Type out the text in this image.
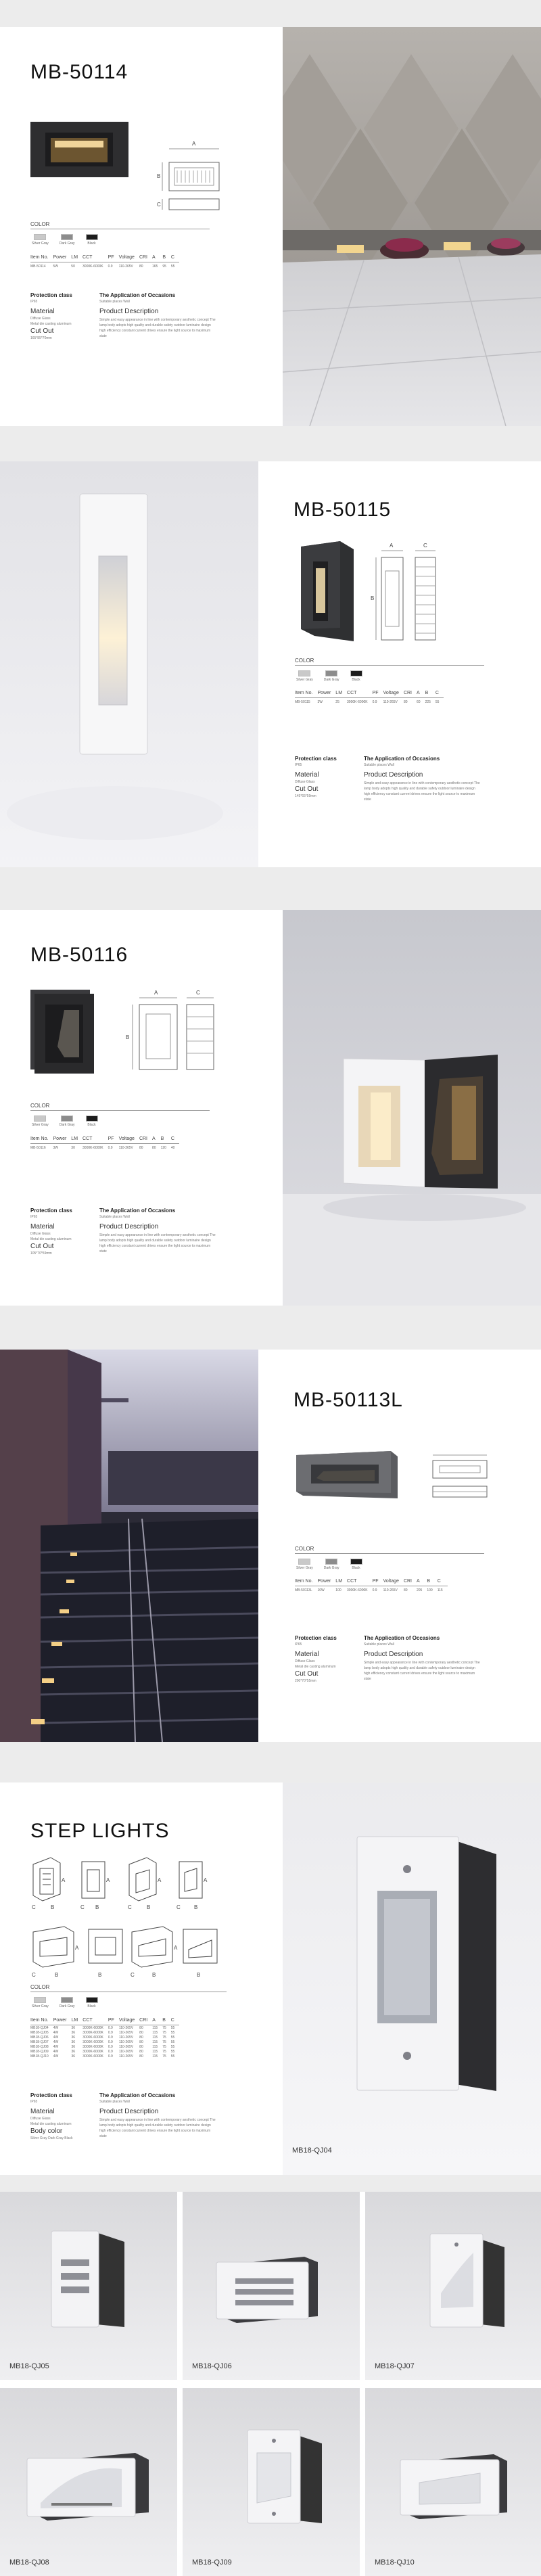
MB-50114
A
B
C
COLOR
Silver Gray	Dark Gray	Black
Item No.	Power	LM	CCT	PF	Voltage	CRI	A	B	C
MB-50114	5W	50	3000K-6000K	0.9	110-265V	80	165	95	55
Protection class
IP65
Material
Diffuse Glass
Metal die casting aluminum
Cut Out
165*85*70mm
The Application of Occasions
Suitable places Wall
Product Description
Simple and easy appearance in line with contemporary aesthetic concept The lamp body adopts high quality and durable safety outdoor luminaire design high efficiency constant current drives ensure the light source to maximum state
MB-50115
A
B
C
COLOR
Silver Gray	Dark Gray	Black
Item No.	Power	LM	CCT	PF	Voltage	CRI	A	B	C
MB-50115	3W	25	3000K-6000K	0.9	110-265V	80	60	225	55
Protection class
IP65
Material
Diffuse Glass
Cut Out
145*65*59mm
The Application of Occasions
Suitable places Wall
Product Description
Simple and easy appearance in line with contemporary aesthetic concept The lamp body adopts high quality and durable safety outdoor luminaire design high efficiency constant current drives ensure the light source to maximum state
MB-50116
A
B
C
COLOR
Silver Gray	Dark Gray	Black
Item No.	Power	LM	CCT	PF	Voltage	CRI	A	B	C
MB-50116	3W	30	3000K-6000K	0.9	110-265V	80	80	120	40
Protection class
IP65
Material
Diffuse Glass
Metal die casting aluminum
Cut Out
105*70*59mm
The Application of Occasions
Suitable places Wall
Product Description
Simple and easy appearance in line with contemporary aesthetic concept The lamp body adopts high quality and durable safety outdoor luminaire design high efficiency constant current drives ensure the light source to maximum state
MB-50113L
COLOR
Silver Gray	Dark Gray	Black
Item No.	Power	LM	CCT	PF	Voltage	CRI	A	B	C
MB-50113L	10W	100	3000K-6000K	0.9	110-265V	80	205	100	115
Protection class
IP65
Material
Diffuse Glass
Metal die casting aluminum
Cut Out
200*70*55mm
The Application of Occasions
Suitable places Wall
Product Description
Simple and easy appearance in line with contemporary aesthetic concept The lamp body adopts high quality and durable safety outdoor luminaire design high efficiency constant current drives ensure the light source to maximum state
STEP LIGHTS
A	A	A	A
C	B	C B	C	B	C	B
A	A
C	B	B	C	B	B
COLOR
Silver Gray	Dark Gray	Black
Item No.	Power	LM	CCT	PF	Voltage	CRI	A	B	C
MB18-QJ04	4W	36	3000K-6000K	0.9	110-265V	80	115	75	55
MB18-QJ05	4W	36	3000K-6000K	0.9	110-265V	80	115	75	55
MB18-QJ06	4W	36	3000K-6000K	0.9	110-265V	80	115	75	55
MB18-QJ07	4W	36	3000K-6000K	0.9	110-265V	80	115	75	55
MB18-QJ08	4W	36	3000K-6000K	0.9	110-265V	80	115	75	55
MB18-QJ09	4W	36	3000K-6000K	0.9	110-265V	80	115	75	55
MB18-QJ10	4W	36	3000K-6000K	0.9	110-265V	80	115	75	55
Protection class
IP65
Material
Diffuse Glass
Metal die casting aluminum
Body color
Silver Gray Dark Gray Black
The Application of Occasions
Suitable places Wall
Product Description
Simple and easy appearance in line with contemporary aesthetic concept The lamp body adopts high quality and durable safety outdoor luminaire design high efficiency constant current drives ensure the light source to maximum state
MB18-QJ04
MB18-QJ05	MB18-QJ06	MB18-QJ07
MB18-QJ08	MB18-QJ09	MB18-QJ10
